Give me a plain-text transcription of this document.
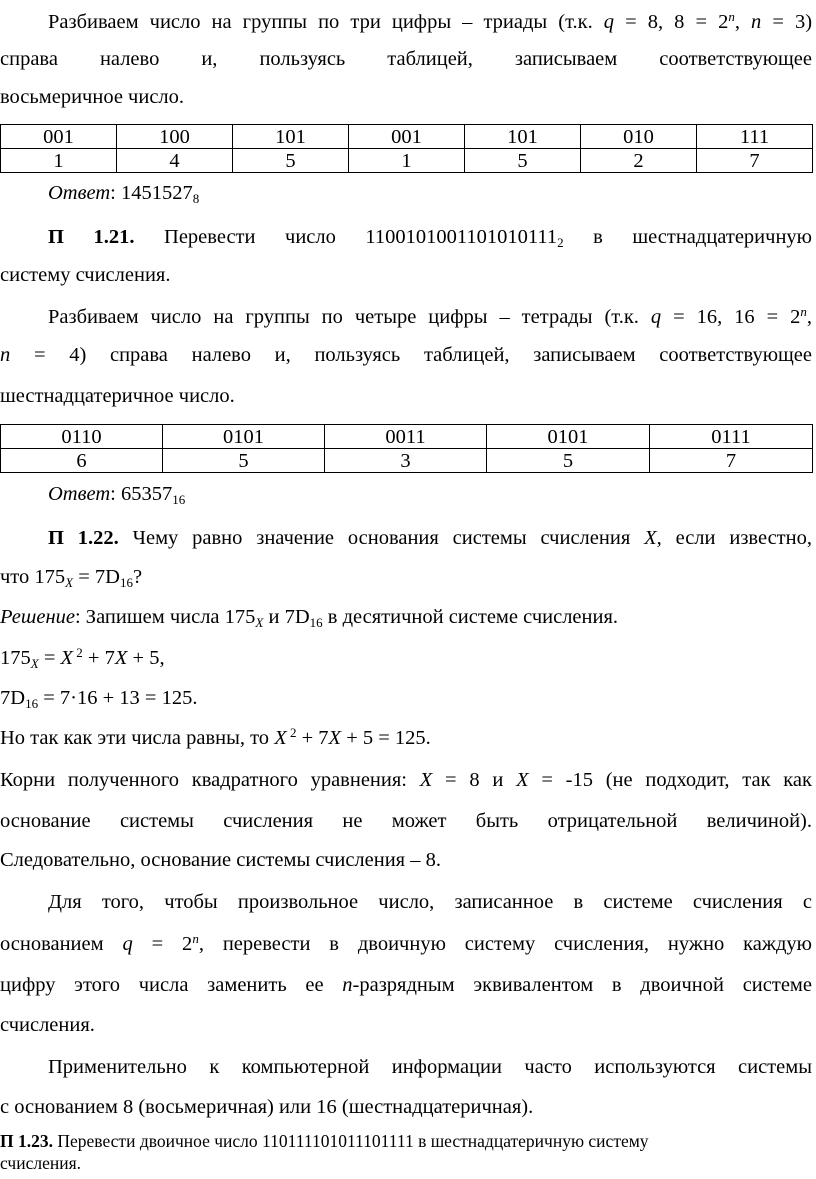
Разбиваем число на группы по три цифры – триады (т.к. q = 8, $8 = 2^n$, n = 3)

справа налево и, пользуясь таблицей, записываем соответствующее

восьмеричное число.

001	100	101	001	101	010	111
1	4	5	1	5	2	7

Ответ: $1451527_8$

П 1.21. Перевести число $1100101001101010111_2$ в шестнадцатеричную

систему счисления.

Разбиваем число на группы по четыре цифры – тетрады (т.к. q = 16, $16 = 2^n$,

n = 4) справа налево и, пользуясь таблицей, записываем соответствующее

шестнадцатеричное число.

0110	0101	0011	0101	0111
6	5	3	5	7

Ответ: $65357_{16}$

П 1.22. Чему равно значение основания системы счисления X, если известно,

что $175_X = 7D_{16}$?

Решение: Запишем числа $175_X$ и $7D_{16}$ в десятичной системе счисления.

$175_X = X$ $^2$ + 7X + 5,

$7D_{16} = 7\cdot 16 + 13 = 125$.

Но так как эти числа равны, то X $^2$ + 7X + 5 = 125.

Корни полученного квадратного уравнения: X = 8 и X = -15 (не подходит, так как

основание системы счисления не может быть отрицательной величиной).

Следовательно, основание системы счисления – 8.

Для того, чтобы произвольное число, записанное в системе счисления с

основанием $q = 2^n$, перевести в двоичную систему счисления, нужно каждую

цифру этого числа заменить ее n-разрядным эквивалентом в двоичной системе

счисления.

Применительно к компьютерной информации часто используются системы

с основанием 8 (восьмеричная) или 16 (шестнадцатеричная).

П 1.23. Перевести двоичное число 110111101011101111 в шестнадцатеричную систему

счисления.
